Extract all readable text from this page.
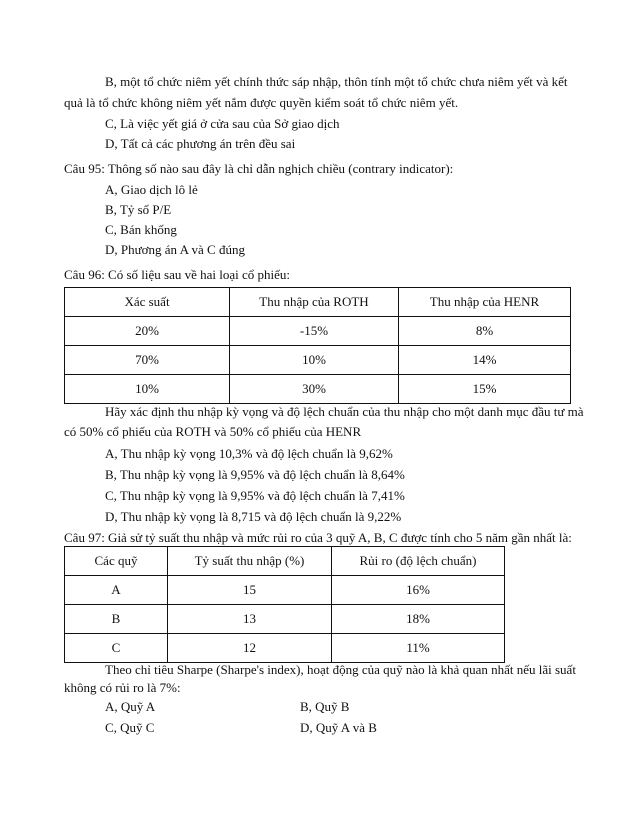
B, một tổ chức niêm yết chính thức sáp nhập, thôn tính một tổ chức chưa niêm yết và kết
quả là tổ chức không niêm yết nắm được quyền kiểm soát tổ chức niêm yết.
C, Là việc yết giá ở cửa sau của Sở giao dịch
D, Tất cả các phương án trên đều sai
Câu 95: Thông số nào sau đây là chỉ dẫn nghịch chiều (contrary indicator):
A, Giao dịch lô lẻ
B, Tỷ số P/E
C, Bán khống
D, Phương án A và C đúng
Câu 96: Có số liệu sau về hai loại cổ phiếu:
Xác suất	Thu nhập của ROTH	Thu nhập của HENR
20%	-15%	8%
70%	10%	14%
10%	30%	15%
Hãy xác định thu nhập kỳ vọng và độ lệch chuẩn của thu nhập cho một danh mục đầu tư mà
có 50% cổ phiếu của ROTH và 50% cổ phiếu của HENR
A, Thu nhập kỳ vọng 10,3% và độ lệch chuẩn là 9,62%
B, Thu nhập kỳ vọng là 9,95% và độ lệch chuẩn là 8,64%
C, Thu nhập kỳ vọng là 9,95% và độ lệch chuẩn là 7,41%
D, Thu nhập kỳ vọng là 8,715 và độ lệch chuẩn là 9,22%
Câu 97: Giả sử tỷ suất thu nhập và mức rủi ro của 3 quỹ A, B, C được tính cho 5 năm gần nhất là:
Các quỹ	Tỷ suất thu nhập (%)	Rủi ro (độ lệch chuẩn)
A	15	16%
B	13	18%
C	12	11%
Theo chỉ tiêu Sharpe (Sharpe's index), hoạt động của quỹ nào là khả quan nhất nếu lãi suất
không có rủi ro là 7%:
A, Quỹ A	B, Quỹ B
C, Quỹ C	D, Quỹ A và B
